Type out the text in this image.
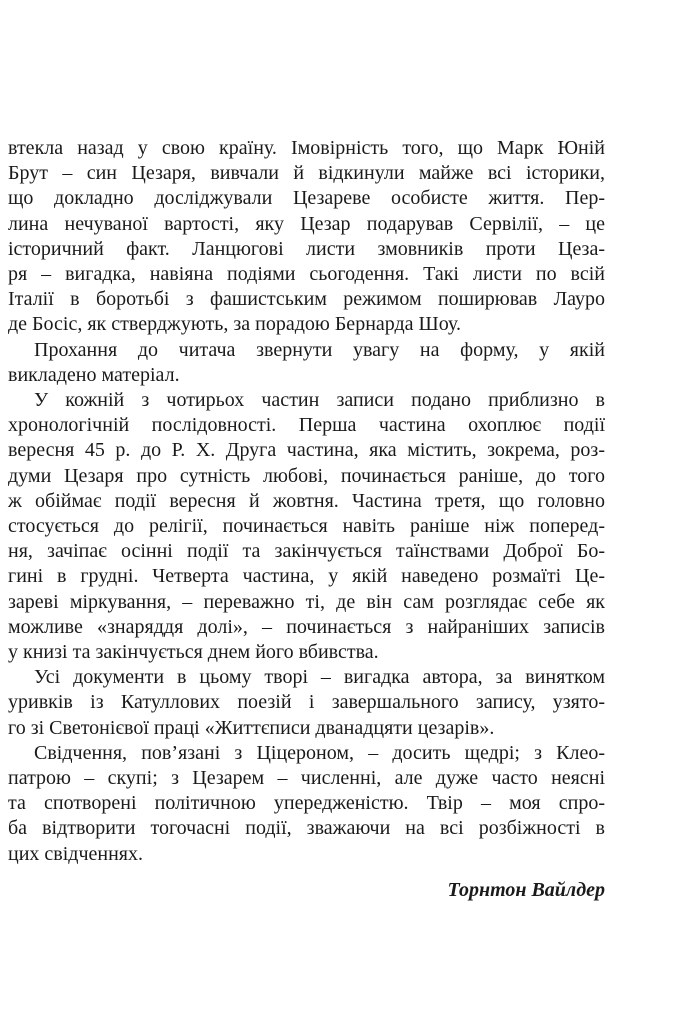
втекла назад у свою країну. Імовірність того, що Марк Юній
Брут – син Цезаря, вивчали й відкинули майже всі історики,
що докладно досліджували Цезареве особисте життя. Пер-
лина нечуваної вартості, яку Цезар подарував Сервілії, – це
історичний факт. Ланцюгові листи змовників проти Цеза-
ря – вигадка, навіяна подіями сьогодення. Такі листи по всій
Італії в боротьбі з фашистським режимом поширював Лауро
де Босіс, як стверджують, за порадою Бернарда Шоу.

Прохання до читача звернути увагу на форму, у якій
викладено матеріал.

У кожній з чотирьох частин записи подано приблизно в
хронологічній послідовності. Перша частина охоплює події
вересня 45 р. до Р. Х. Друга частина, яка містить, зокрема, роз-
думи Цезаря про сутність любові, починається раніше, до того
ж обіймає події вересня й жовтня. Частина третя, що головно
стосується до релігії, починається навіть раніше ніж поперед-
ня, зачіпає осінні події та закінчується таїнствами Доброї Бо-
гині в грудні. Четверта частина, у якій наведено розмаїті Це-
зареві міркування, – переважно ті, де він сам розглядає себе як
можливе «знаряддя долі», – починається з найраніших записів
у книзі та закінчується днем його вбивства.

Усі документи в цьому творі – вигадка автора, за винятком
уривків із Катуллових поезій і завершального запису, узято-
го зі Светонієвої праці «Життєписи дванадцяти цезарів».

Свідчення, пов’язані з Ціцероном, – досить щедрі; з Клео-
патрою – скупі; з Цезарем – численні, але дуже часто неясні
та спотворені політичною упередженістю. Твір – моя спро-
ба відтворити тогочасні події, зважаючи на всі розбіжності в
цих свідченнях.

Торнтон Вайлдер
